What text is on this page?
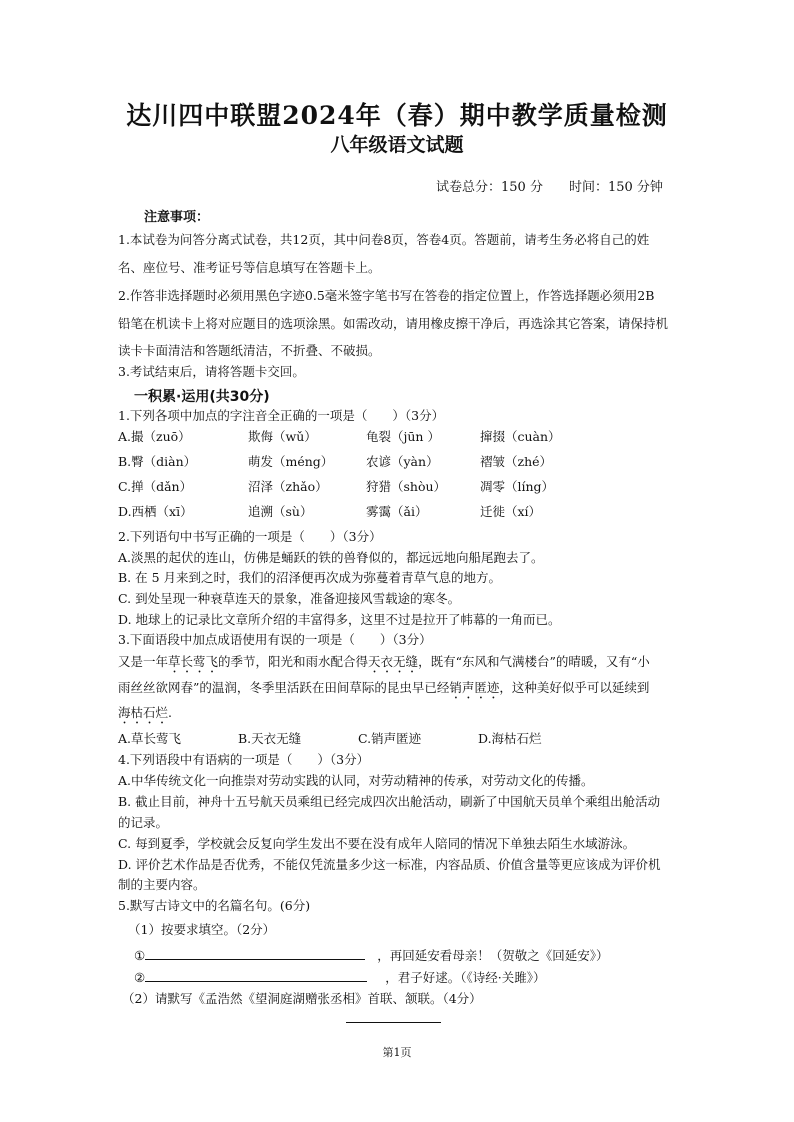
达川四中联盟2024年（春）期中教学质量检测
八年级语文试题
试卷总分：150 分 时间：150 分钟
注意事项：
1.本试卷为问答分离式试卷，共12页，其中问卷8页，答卷4页。答题前，请考生务必将自己的姓
名、座位号、准考证号等信息填写在答题卡上。
2.作答非选择题时必须用黑色字迹0.5毫米签字笔书写在答卷的指定位置上，作答选择题必须用2B
铅笔在机读卡上将对应题目的选项涂黑。如需改动，请用橡皮擦干净后，再选涂其它答案，请保持机
读卡卡面清洁和答题纸清洁，不折叠、不破损。
3.考试结束后，请将答题卡交回。
一积累·运用(共30分)
1.下列各项中加点的字注音全正确的一项是（　　）（3分）
A.撮（zuō）	欺侮（wǔ）	龟裂（jūn ）	撺掇（cuàn）
B.臀（diàn）	萌发（méng）	农谚（yàn）	褶皱（zhé）
C.掸（dǎn）	沼泽（zhǎo）	狩猎（shòu）	凋零（líng）
D.西栖（xī）	追溯（sù）	雾霭（ǎi）	迁徙（xí）
2.下列语句中书写正确的一项是（　　）（3分）
A.淡黑的起伏的连山，仿佛是蛹跃的铁的兽脊似的，都远远地向船尾跑去了。
B. 在 5 月来到之时，我们的沼泽便再次成为弥蔓着青草气息的地方。
C. 到处呈现一种衰草连天的景象，准备迎接风雪载途的寒冬。
D. 地球上的记录比文章所介绍的丰富得多，这里不过是拉开了帏幕的一角而已。
3.下面语段中加点成语使用有误的一项是（　　）（3分）
又是一年草长莺飞的季节，阳光和雨水配合得天衣无缝，既有“东风和气满楼台”的晴暖，又有“小
雨丝丝欲网春”的温润，冬季里活跃在田间草际的昆虫早已经销声匿迹，这种美好似乎可以延续到
海枯石烂.
A.草长莺飞	B.天衣无缝	C.销声匿迹	D.海枯石烂
4.下列语段中有语病的一项是（　　）（3分）
A.中华传统文化一向推崇对劳动实践的认同，对劳动精神的传承，对劳动文化的传播。
B. 截止目前，神舟十五号航天员乘组已经完成四次出舱活动，刷新了中国航天员单个乘组出舱活动
的记录。
C. 每到夏季，学校就会反复向学生发出不要在没有成年人陪同的情况下单独去陌生水域游泳。
D. 评价艺术作品是否优秀，不能仅凭流量多少这一标准，内容品质、价值含量等更应该成为评价机
制的主要内容。
5.默写古诗文中的名篇名句。(6分)
（1）按要求填空。（2分）
①	，再回延安看母亲！（贺敬之《回延安》）
②	，君子好逑。（《诗经·关雎》）
（2）请默写《孟浩然《望洞庭湖赠张丞相》首联、颔联。（4分）
第1页
